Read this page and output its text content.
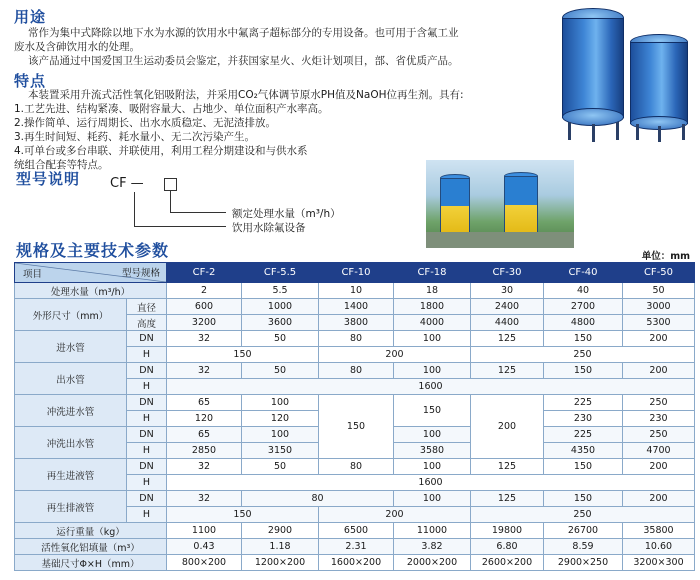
用途
常作为集中式降除以地下水为水源的饮用水中氟离子超标部分的专用设备。也可用于含氟工业
废水及含砷饮用水的处理。
该产品通过中国爱国卫生运动委员会鉴定，并获国家星火、火炬计划项目，部、省优质产品。
特点
本装置采用升流式活性氧化铝吸附法，并采用CO₂气体调节原水PH值及NaOH位再生剂。具有:
1.工艺先进、结构紧凑、吸附容量大、占地少、单位面积产水率高。
2.操作简单、运行周期长、出水水质稳定、无泥渣排放。
3.再生时间短、耗药、耗水量小、无二次污染产生。
4.可单台或多台串联、并联使用，利用工程分期建设和与供水系
统组合配套等特点。
型号说明 CF —
额定处理水量（m³/h）
饮用水除氟设备
规格及主要技术参数	单位：mm
型号规格
项目		CF-2	CF-5.5	CF-10	CF-18	CF-30	CF-40	CF-50
处理水量（m³/h）		2	5.5	10	18	30	40	50
外形尺寸（mm）	直径	600	1000	1400	1800	2400	2700	3000
	高度	3200	3600	3800	4000	4400	4800	5300
进水管	DN	32	50	80	100	125	150	200
	H	150		200		250		
出水管	DN	32	50	80	100	125	150	200
	H	1600						
冲洗进水管	DN	65	100	150	150	200	225	250
	H	120	120				230	230
冲洗出水管	DN	65	100		100		225	250
	H	2850	3150		3580		4350	4700
再生进液管	DN	32	50	80	100	125	150	200
	H	1600						
再生排液管	DN	32	80		100	125	150	200
	H	150		200		250		
运行重量（kg）		1100	2900	6500	11000	19800	26700	35800
活性氧化铝填量（m³）		0.43	1.18	2.31	3.82	6.80	8.59	10.60
基础尺寸Φ×H（mm）		800×200	1200×200	1600×200	2000×200	2600×200	2900×250	3200×300
